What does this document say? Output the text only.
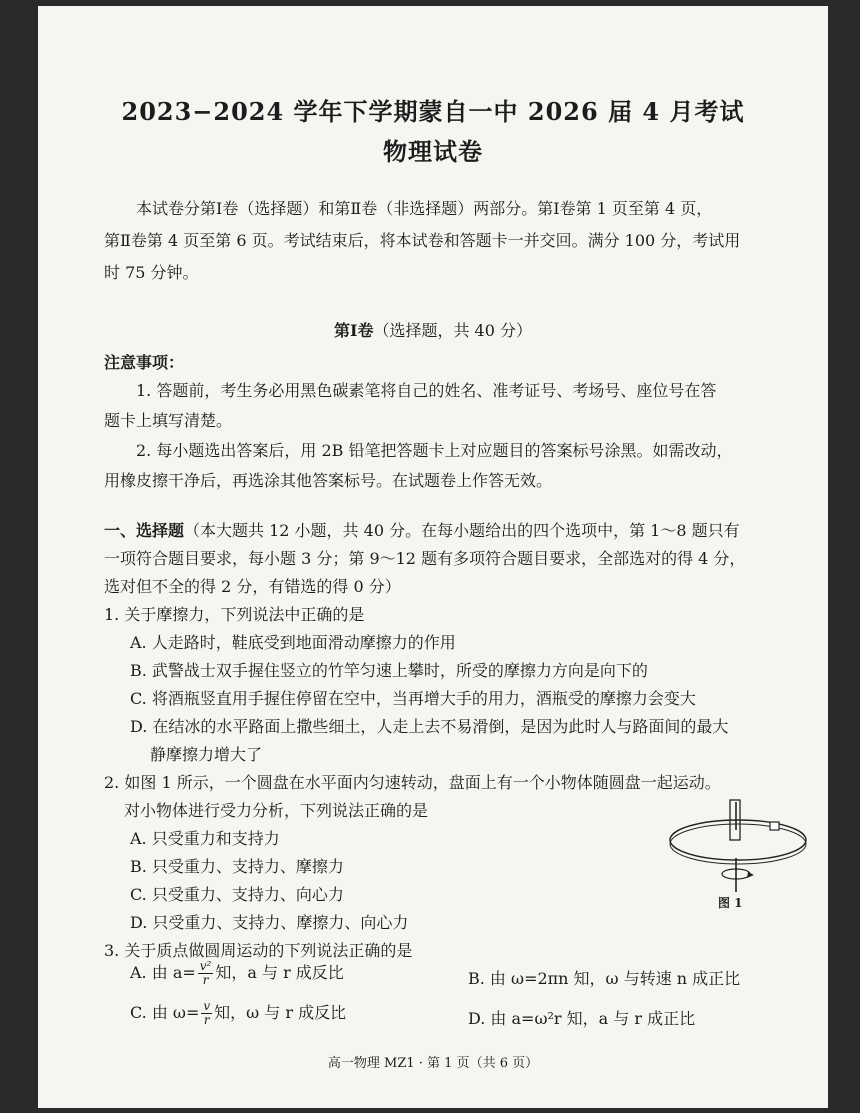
2023−2024 学年下学期蒙自一中 2026 届 4 月考试
物理试卷
本试卷分第Ⅰ卷（选择题）和第Ⅱ卷（非选择题）两部分。第Ⅰ卷第 1 页至第 4 页，
第Ⅱ卷第 4 页至第 6 页。考试结束后，将本试卷和答题卡一并交回。满分 100 分，考试用
时 75 分钟。
第Ⅰ卷（选择题，共 40 分）
注意事项：
1. 答题前，考生务必用黑色碳素笔将自己的姓名、准考证号、考场号、座位号在答
题卡上填写清楚。
2. 每小题选出答案后，用 2B 铅笔把答题卡上对应题目的答案标号涂黑。如需改动，
用橡皮擦干净后，再选涂其他答案标号。在试题卷上作答无效。
一、选择题（本大题共 12 小题，共 40 分。在每小题给出的四个选项中，第 1～8 题只有
一项符合题目要求，每小题 3 分；第 9～12 题有多项符合题目要求，全部选对的得 4 分，
选对但不全的得 2 分，有错选的得 0 分）
1. 关于摩擦力，下列说法中正确的是
A. 人走路时，鞋底受到地面滑动摩擦力的作用
B. 武警战士双手握住竖立的竹竿匀速上攀时，所受的摩擦力方向是向下的
C. 将酒瓶竖直用手握住停留在空中，当再增大手的用力，酒瓶受的摩擦力会变大
D. 在结冰的水平路面上撒些细土，人走上去不易滑倒，是因为此时人与路面间的最大
静摩擦力增大了
2. 如图 1 所示，一个圆盘在水平面内匀速转动，盘面上有一个小物体随圆盘一起运动。
对小物体进行受力分析，下列说法正确的是
A. 只受重力和支持力
B. 只受重力、支持力、摩擦力
C. 只受重力、支持力、向心力
D. 只受重力、支持力、摩擦力、向心力
图 1
3. 关于质点做圆周运动的下列说法正确的是
A. 由 $a= \frac{\text{v²}}{r}$ 知，a 与 r 成反比	B. 由 ω=2πn 知，ω 与转速 n 成正比
C. 由 $\omega= \frac{v}{r}$ 知，ω 与 r 成反比	D. 由 a=ω²r 知，a 与 r 成正比
高一物理 MZ1 · 第 1 页（共 6 页）
